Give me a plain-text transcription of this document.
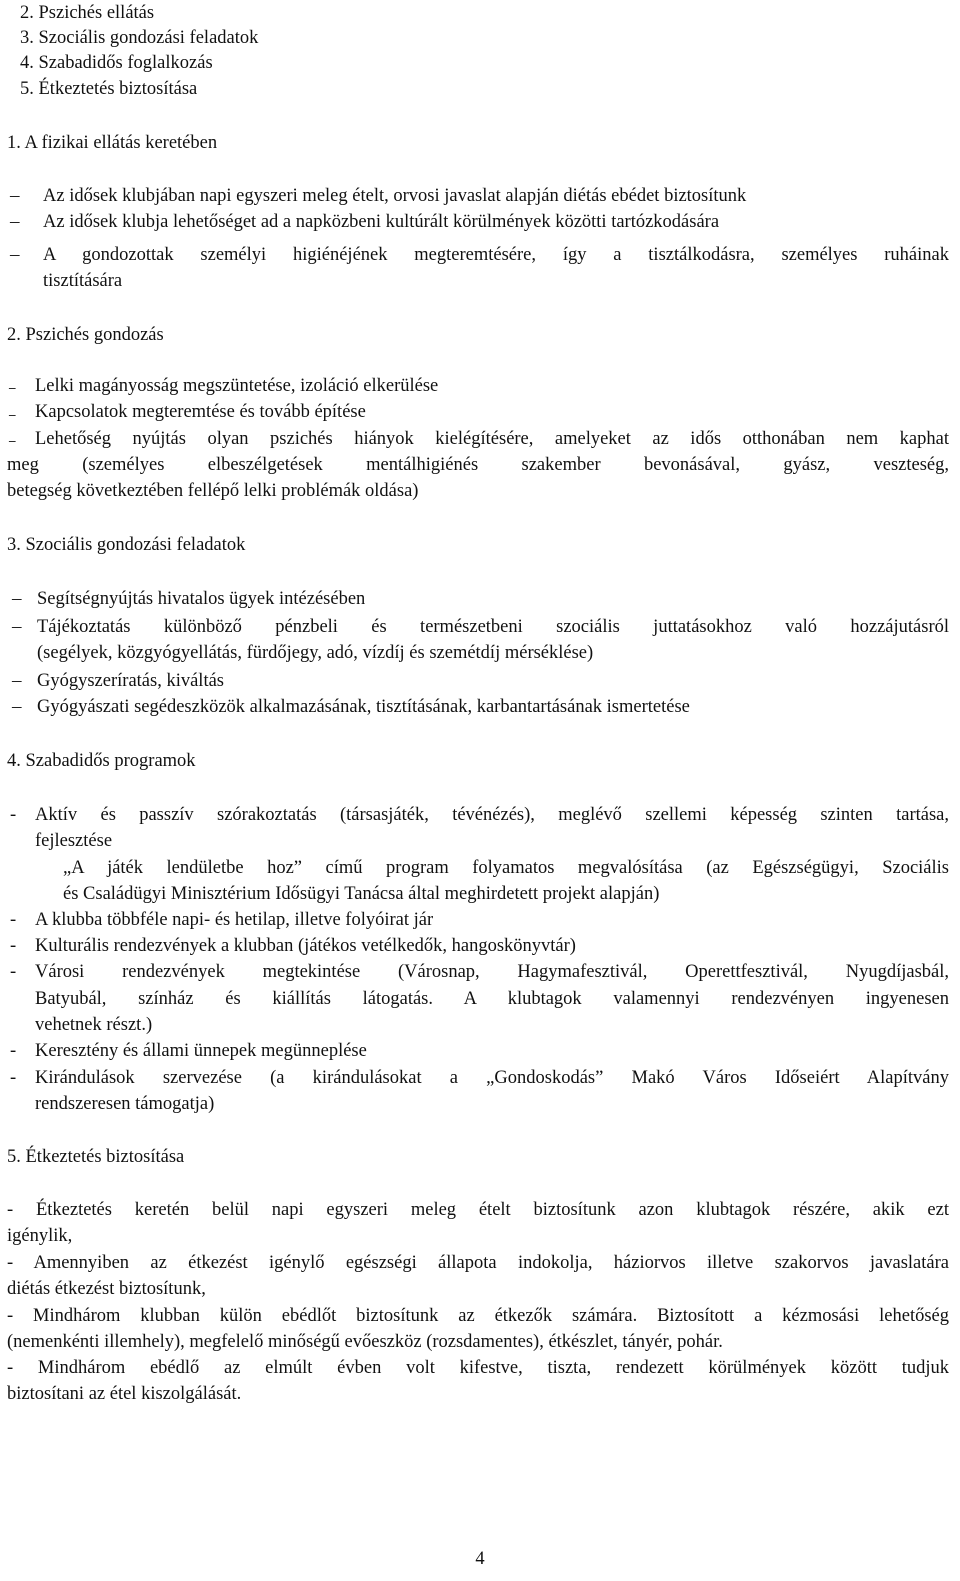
2. Pszichés ellátás
3. Szociális gondozási feladatok
4. Szabadidős foglalkozás
5. Étkeztetés biztosítása
1. A fizikai ellátás keretében
– Az idősek klubjában napi egyszeri meleg ételt, orvosi javaslat alapján diétás ebédet biztosítunk
– Az idősek klubja lehetőséget ad a napközbeni kultúrált körülmények közötti tartózkodására
– A gondozottak személyi higiénéjének megteremtésére, így a tisztálkodásra, személyes ruháinak
tisztítására
2. Pszichés gondozás
_ Lelki magányosság megszüntetése, izoláció elkerülése
_ Kapcsolatok megteremtése és tovább építése
_ Lehetőség nyújtás olyan pszichés hiányok kielégítésére, amelyeket az idős otthonában nem kaphat
meg (személyes elbeszélgetések mentálhigiénés szakember bevonásával, gyász, veszteség,
betegség következtében fellépő lelki problémák oldása)
3. Szociális gondozási feladatok
– Segítségnyújtás hivatalos ügyek intézésében
– Tájékoztatás különböző pénzbeli és természetbeni szociális juttatásokhoz való hozzájutásról
(segélyek, közgyógyellátás, fürdőjegy, adó, vízdíj és szemétdíj mérséklése)
– Gyógyszeríratás, kiváltás
– Gyógyászati segédeszközök alkalmazásának, tisztításának, karbantartásának ismertetése
4. Szabadidős programok
- Aktív és passzív szórakoztatás (társasjáték, tévénézés), meglévő szellemi képesség szinten tartása,
fejlesztése
„A játék lendületbe hoz” című program folyamatos megvalósítása (az Egészségügyi, Szociális
és Családügyi Minisztérium Idősügyi Tanácsa által meghirdetett projekt alapján)
- A klubba többféle napi- és hetilap, illetve folyóirat jár
- Kulturális rendezvények a klubban (játékos vetélkedők, hangoskönyvtár)
- Városi rendezvények megtekintése (Városnap, Hagymafesztivál, Operettfesztivál, Nyugdíjasbál,
Batyubál, színház és kiállítás látogatás. A klubtagok valamennyi rendezvényen ingyenesen
vehetnek részt.)
- Keresztény és állami ünnepek megünneplése
- Kirándulások szervezése (a kirándulásokat a „Gondoskodás” Makó Város Időseiért Alapítvány
rendszeresen támogatja)
5. Étkeztetés biztosítása
- Étkeztetés keretén belül napi egyszeri meleg ételt biztosítunk azon klubtagok részére, akik ezt
igénylik,
- Amennyiben az étkezést igénylő egészségi állapota indokolja, háziorvos illetve szakorvos javaslatára
diétás étkezést biztosítunk,
- Mindhárom klubban külön ebédlőt biztosítunk az étkezők számára. Biztosított a kézmosási lehetőség
(nemenkénti illemhely), megfelelő minőségű evőeszköz (rozsdamentes), étkészlet, tányér, pohár.
- Mindhárom ebédlő az elmúlt évben volt kifestve, tiszta, rendezett körülmények között tudjuk
biztosítani az étel kiszolgálását.
4
